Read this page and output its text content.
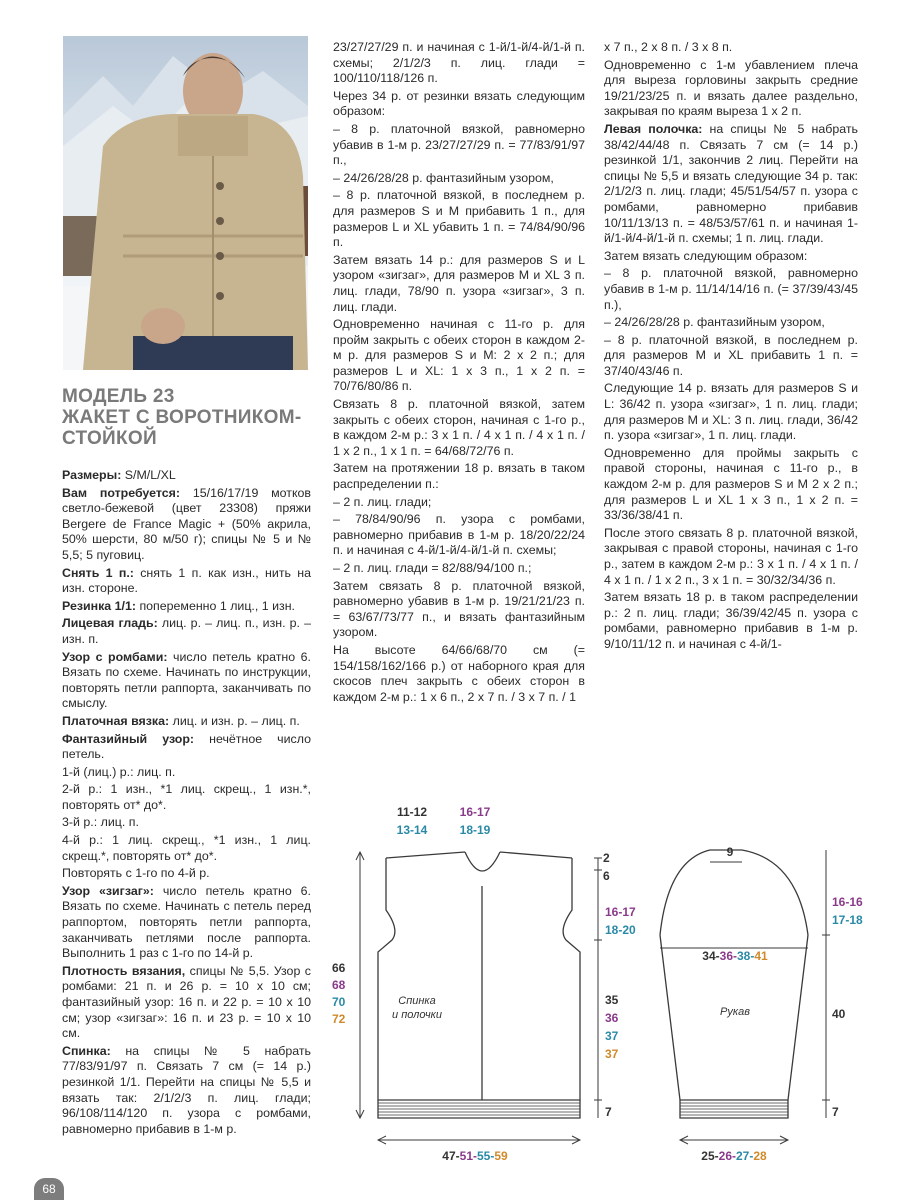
МОДЕЛЬ 23
ЖАКЕТ С ВОРОТНИКОМ-
СТОЙКОЙ

Размеры: S/M/L/XL

Вам потребуется: 15/16/17/19 мотков светло-бежевой (цвет 23308) пряжи Bergere de France Magic + (50% акрила, 50% шерсти, 80 м/50 г); спицы № 5 и № 5,5; 5 пуговиц.

Снять 1 п.: снять 1 п. как изн., нить на изн. стороне.

Резинка 1/1: попеременно 1 лиц., 1 изн.

Лицевая гладь: лиц. р. – лиц. п., изн. р. – изн. п.

Узор с ромбами: число петель кратно 6. Вязать по схеме. Начинать по инструкции, повторять петли раппорта, заканчивать по смыслу.

Платочная вязка: лиц. и изн. р. – лиц. п.

Фантазийный узор: нечётное число петель.

1-й (лиц.) р.: лиц. п.

2-й р.: 1 изн., *1 лиц. скрещ., 1 изн.*, повторять от* до*.

3-й р.: лиц. п.

4-й р.: 1 лиц. скрещ., *1 изн., 1 лиц. скрещ.*, повторять от* до*.

Повторять с 1-го по 4-й р.

Узор «зигзаг»: число петель кратно 6. Вязать по схеме. Начинать с петель перед раппортом, повторять петли раппорта, заканчивать петлями после раппорта. Выполнить 1 раз с 1-го по 14-й р.

Плотность вязания, спицы № 5,5. Узор с ромбами: 21 п. и 26 р. = 10 х 10 см; фантазийный узор: 16 п. и 22 р. = 10 х 10 см; узор «зигзаг»: 16 п. и 23 р. = 10 х 10 см.

Спинка: на спицы № 5 набрать 77/83/91/97 п. Связать 7 см (= 14 р.) резинкой 1/1. Перейти на спицы № 5,5 и вязать так: 2/1/2/3 п. лиц. глади; 96/108/114/120 п. узора с ромбами, равномерно прибавив в 1-м р.

23/27/27/29 п. и начиная с 1-й/1-й/4-й/1-й п. схемы; 2/1/2/3 п. лиц. глади = 100/110/118/126 п.

Через 34 р. от резинки вязать следующим образом:

– 8 р. платочной вязкой, равномерно убавив в 1-м р. 23/27/27/29 п. = 77/83/91/97 п.,

– 24/26/28/28 р. фантазийным узором,

– 8 р. платочной вязкой, в последнем р. для размеров S и M прибавить 1 п., для размеров L и XL убавить 1 п. = 74/84/90/96 п.

Затем вязать 14 р.: для размеров S и L узором «зигзаг», для размеров M и XL 3 п. лиц. глади, 78/90 п. узора «зигзаг», 3 п. лиц. глади.

Одновременно начиная с 11-го р. для пройм закрыть с обеих сторон в каждом 2-м р. для размеров S и M: 2 х 2 п.; для размеров L и XL: 1 х 3 п., 1 х 2 п. = 70/76/80/86 п.

Связать 8 р. платочной вязкой, затем закрыть с обеих сторон, начиная с 1-го р., в каждом 2-м р.: 3 х 1 п. / 4 х 1 п. / 4 х 1 п. / 1 х 2 п., 1 х 1 п. = 64/68/72/76 п.

Затем на протяжении 18 р. вязать в таком распределении п.:

– 2 п. лиц. глади;

– 78/84/90/96 п. узора с ромбами, равномерно прибавив в 1-м р. 18/20/22/24 п. и начиная с 4-й/1-й/4-й/1-й п. схемы;

– 2 п. лиц. глади = 82/88/94/100 п.;

Затем связать 8 р. платочной вязкой, равномерно убавив в 1-м р. 19/21/21/23 п. = 63/67/73/77 п., и вязать фантазийным узором.

На высоте 64/66/68/70 см (= 154/158/162/166 р.) от наборного края для скосов плеч закрыть с обеих сторон в каждом 2-м р.: 1 х 6 п., 2 х 7 п. / 3 х 7 п. / 1

х 7 п., 2 х 8 п. / 3 х 8 п.

Одновременно с 1-м убавлением плеча для выреза горловины закрыть средние 19/21/23/25 п. и вязать далее раздельно, закрывая по краям выреза 1 х 2 п.

Левая полочка: на спицы № 5 набрать 38/42/44/48 п. Связать 7 см (= 14 р.) резинкой 1/1, закончив 2 лиц. Перейти на спицы № 5,5 и вязать следующие 34 р. так: 2/1/2/3 п. лиц. глади; 45/51/54/57 п. узора с ромбами, равномерно прибавив 10/11/13/13 п. = 48/53/57/61 п. и начиная 1-й/1-й/4-й/1-й п. схемы; 1 п. лиц. глади.

Затем вязать следующим образом:

– 8 р. платочной вязкой, равномерно убавив в 1-м р. 11/14/14/16 п. (= 37/39/43/45 п.),

– 24/26/28/28 р. фантазийным узором,

– 8 р. платочной вязкой, в последнем р. для размеров M и XL прибавить 1 п. = 37/40/43/46 п.

Следующие 14 р. вязать для размеров S и L: 36/42 п. узора «зигзаг», 1 п. лиц. глади; для размеров M и XL: 3 п. лиц. глади, 36/42 п. узора «зигзаг», 1 п. лиц. глади.

Одновременно для проймы закрыть с правой стороны, начиная с 11-го р., в каждом 2-м р. для размеров S и M 2 х 2 п.; для размеров L и XL 1 х 3 п., 1 х 2 п. = 33/36/38/41 п.

После этого связать 8 р. платочной вязкой, закрывая с правой стороны, начиная с 1-го р., затем в каждом 2-м р.: 3 х 1 п. / 4 х 1 п. / 4 х 1 п. / 1 х 2 п., 3 х 1 п. = 30/32/34/36 п.

Затем вязать 18 р. в таком распределении р.: 2 п. лиц. глади; 36/39/42/45 п. узора с ромбами, равномерно прибавив в 1-м р. 9/10/11/12 п. и начиная с 4-й/1-

11-12
13-14
16-17
18-19
2
6
16-17
18-20
66
68
70
72
35
36
37
37
7
47-51-55-59
Спинка
и полочки
9
16-16
17-18
34-36-38-41
Рукав	40
7
25-26-27-28
68
